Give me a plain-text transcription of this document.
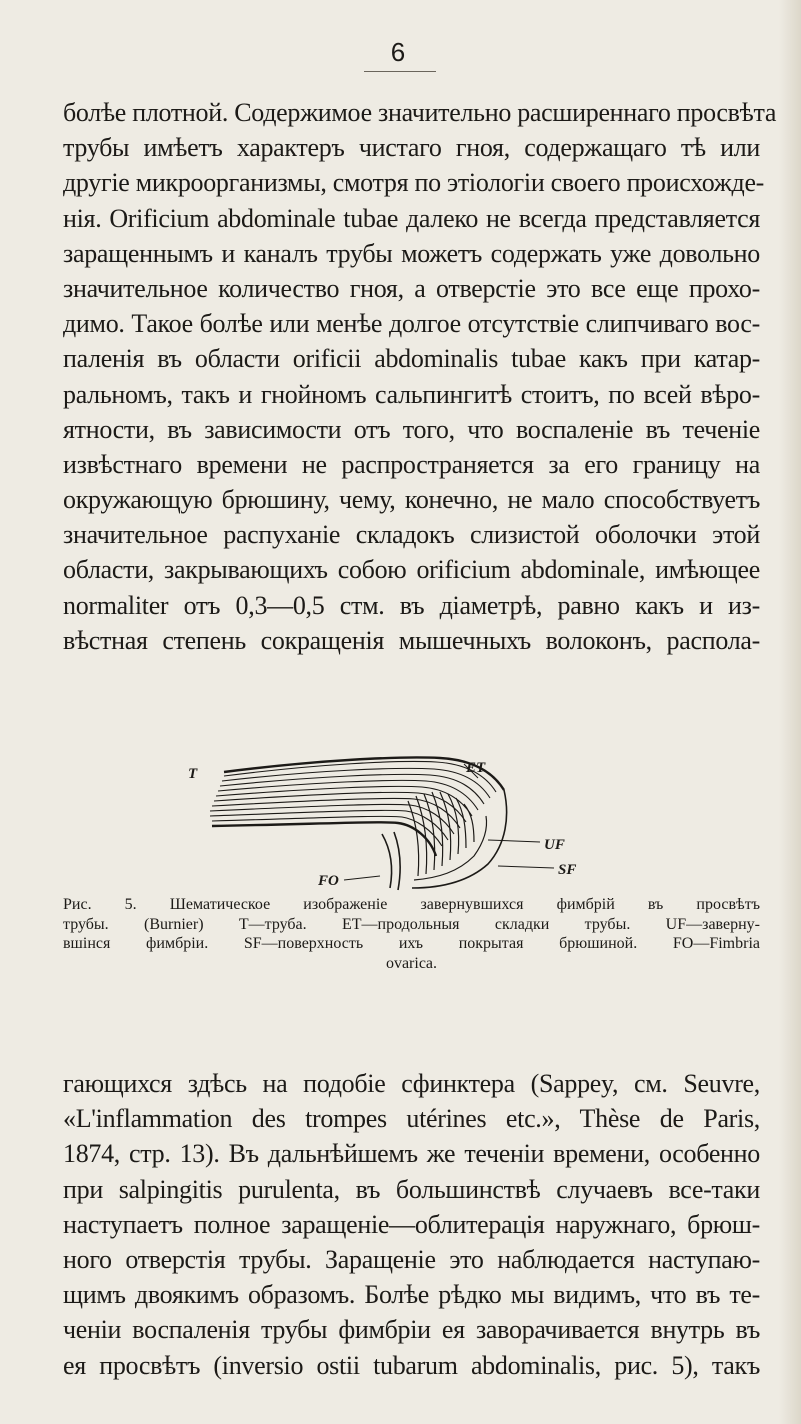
6
болѣе плотной. Содержимое значительно расширеннаго просвѣта
трубы имѣетъ характеръ чистаго гноя, содержащаго тѣ или
другіе микроорганизмы, смотря по этіологіи своего происхожде-
нія. Orificium abdominale tubae далеко не всегда представляется
заращеннымъ и каналъ трубы можетъ содержать уже довольно
значительное количество гноя, а отверстіе это все еще прохо-
димо. Такое болѣе или менѣе долгое отсутствіе слипчиваго вос-
паленія въ области orificii abdominalis tubae какъ при катар-
ральномъ, такъ и гнойномъ сальпингитѣ стоитъ, по всей вѣро-
ятности, въ зависимости отъ того, что воспаленіе въ теченіе
извѣстнаго времени не распространяется за его границу на
окружающую брюшину, чему, конечно, не мало способствуетъ
значительное распуханіе складокъ слизистой оболочки этой
области, закрывающихъ собою orificium abdominale, имѣющее
normaliter отъ 0,3—0,5 стм. въ діаметрѣ, равно какъ и из-
вѣстная степень сокращенія мышечныхъ волоконъ, распола-
ET
T
UF
FO
SF
Рис. 5. Шематическое изображеніе завернувшихся фимбрій въ просвѣтъ
трубы. (Burnier) T—труба. ET—продольныя складки трубы. UF—заверну-
вшінся фимбріи. SF—поверхность ихъ покрытая брюшиной. FO—Fimbria
ovarica.
гающихся здѣсь на подобіе сфинктера (Sappey, см. Sеuvre,
«L'inflammation des trompes utérines etc.», Thèse de Paris,
1874, стр. 13). Въ дальнѣйшемъ же теченіи времени, особенно
при salpingitis purulenta, въ большинствѣ случаевъ все-таки
наступаетъ полное заращеніе—облитерація наружнаго, брюш-
ного отверстія трубы. Заращеніе это наблюдается наступаю-
щимъ двоякимъ образомъ. Болѣе рѣдко мы видимъ, что въ те-
ченіи воспаленія трубы фимбріи ея заворачивается внутрь въ
ея просвѣтъ (inversio ostii tubarum abdominalis, рис. 5), такъ
